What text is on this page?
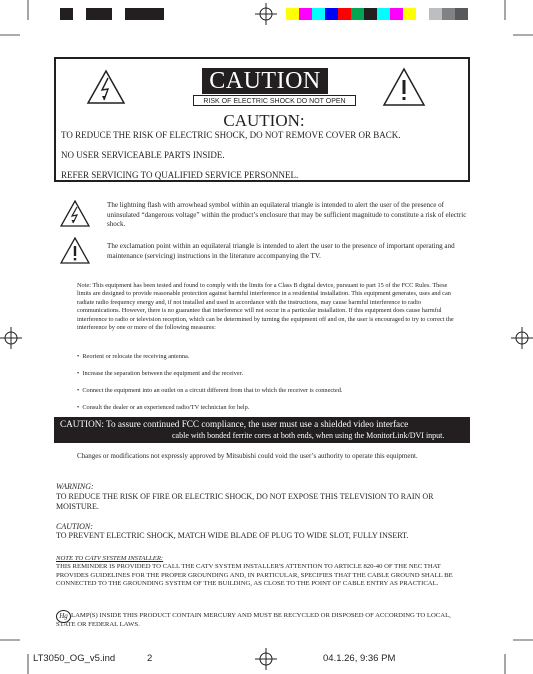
CAUTION
RISK OF ELECTRIC SHOCK DO NOT OPEN
CAUTION:
TO REDUCE THE RISK OF ELECTRIC SHOCK, DO NOT REMOVE COVER OR BACK.
NO USER SERVICEABLE PARTS INSIDE.
REFER SERVICING TO QUALIFIED SERVICE PERSONNEL.
The lightning flash with arrowhead symbol within an equilateral triangle is intended to alert the user of the presence of uninsulated “dangerous voltage” within the product’s enclosure that may be sufficient magnitude to constitute a risk of electric shock.
The exclamation point within an equilateral triangle is intended to alert the user to the presence of important operating and maintenance (servicing) instructions in the literature accompanying the TV.
Note: This equipment has been tested and found to comply with the limits for a Class B digital device, pursuant to part 15 of the FCC Rules. These limits are designed to provide reasonable protection against harmful interference in a residential installation. This equipment generates, uses and can radiate radio frequency energy and, if not installed and used in accordance with the instructions, may cause harmful interference to radio communications. However, there is no guarantee that interference will not occur in a particular installation. If this equipment does cause harmful interference to radio or television reception, which can be determined by turning the equipment off and on, the user is encouraged to try to correct the interference by one or more of the following measures:
•  Reorient or relocate the receiving antenna.
•  Increase the separation between the equipment and the receiver.
•  Connect the equipment into an outlet on a circuit different from that to which the receiver is connected.
•  Consult the dealer or an experienced radio/TV technician for help.
CAUTION: To assure continued FCC compliance, the user must use a shielded video interface
cable with bonded ferrite cores at both ends, when using the MonitorLink/DVI input.
Changes or modifications not expressly approved by Mitsubishi could void the user’s authority to operate this equipment.
WARNING:
TO REDUCE THE RISK OF FIRE OR ELECTRIC SHOCK, DO NOT EXPOSE THIS TELEVISION TO RAIN OR MOISTURE.
CAUTION:
TO PREVENT ELECTRIC SHOCK, MATCH WIDE BLADE OF PLUG TO WIDE SLOT, FULLY INSERT.
NOTE TO CATV SYSTEM INSTALLER:
THIS REMINDER IS PROVIDED TO CALL THE CATV SYSTEM INSTALLER'S ATTENTION TO ARTICLE 820-40 OF THE NEC THAT PROVIDES GUIDELINES FOR THE PROPER GROUNDING AND, IN PARTICULAR, SPECIFIES THAT THE CABLE GROUND SHALL BE CONNECTED TO THE GROUNDING SYSTEM OF THE BUILDING, AS CLOSE TO THE POINT OF CABLE ENTRY AS PRACTICAL.
Hg LAMP(S) INSIDE THIS PRODUCT CONTAIN MERCURY AND MUST BE RECYCLED OR DISPOSED OF ACCORDING TO LOCAL, STATE OR FEDERAL LAWS.
LT3050_OG_v5.ind	2	04.1.26, 9:36 PM
